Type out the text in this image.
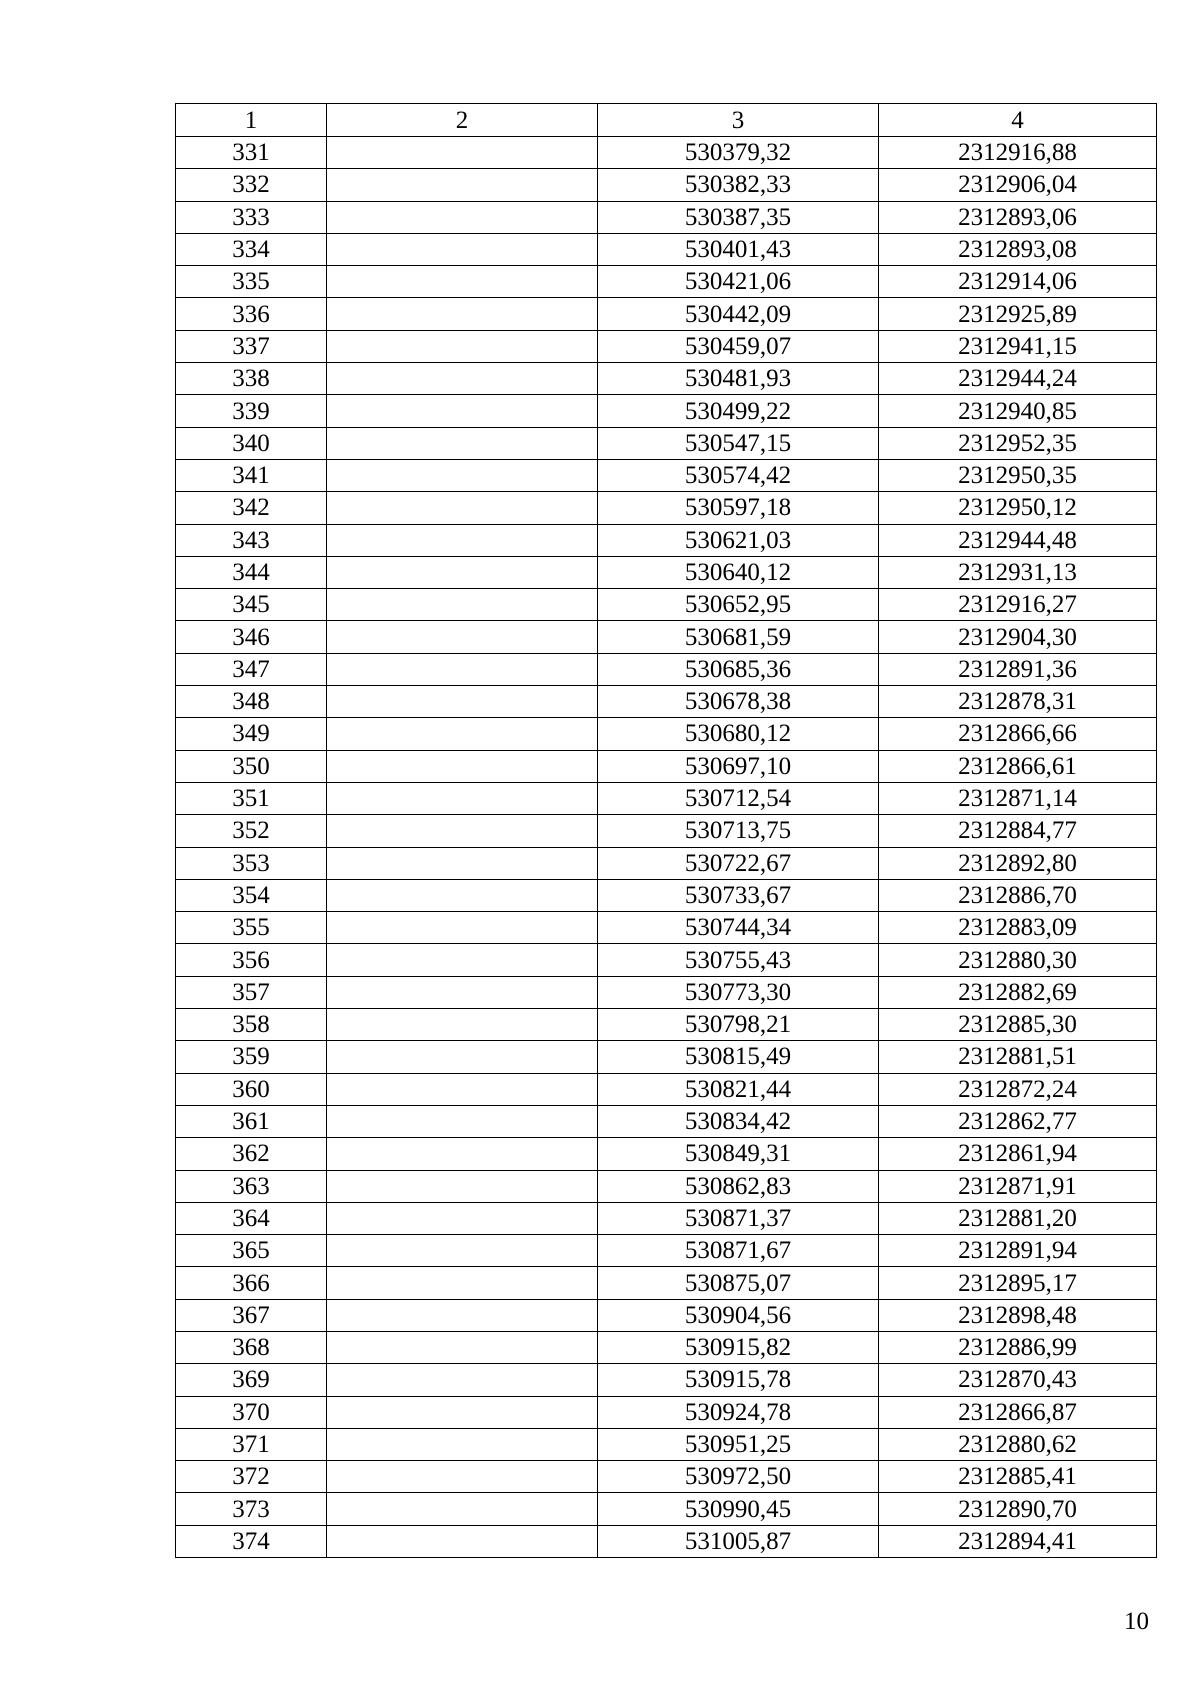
1	2	3	4
331		530379,32	2312916,88
332		530382,33	2312906,04
333		530387,35	2312893,06
334		530401,43	2312893,08
335		530421,06	2312914,06
336		530442,09	2312925,89
337		530459,07	2312941,15
338		530481,93	2312944,24
339		530499,22	2312940,85
340		530547,15	2312952,35
341		530574,42	2312950,35
342		530597,18	2312950,12
343		530621,03	2312944,48
344		530640,12	2312931,13
345		530652,95	2312916,27
346		530681,59	2312904,30
347		530685,36	2312891,36
348		530678,38	2312878,31
349		530680,12	2312866,66
350		530697,10	2312866,61
351		530712,54	2312871,14
352		530713,75	2312884,77
353		530722,67	2312892,80
354		530733,67	2312886,70
355		530744,34	2312883,09
356		530755,43	2312880,30
357		530773,30	2312882,69
358		530798,21	2312885,30
359		530815,49	2312881,51
360		530821,44	2312872,24
361		530834,42	2312862,77
362		530849,31	2312861,94
363		530862,83	2312871,91
364		530871,37	2312881,20
365		530871,67	2312891,94
366		530875,07	2312895,17
367		530904,56	2312898,48
368		530915,82	2312886,99
369		530915,78	2312870,43
370		530924,78	2312866,87
371		530951,25	2312880,62
372		530972,50	2312885,41
373		530990,45	2312890,70
374		531005,87	2312894,41
10
